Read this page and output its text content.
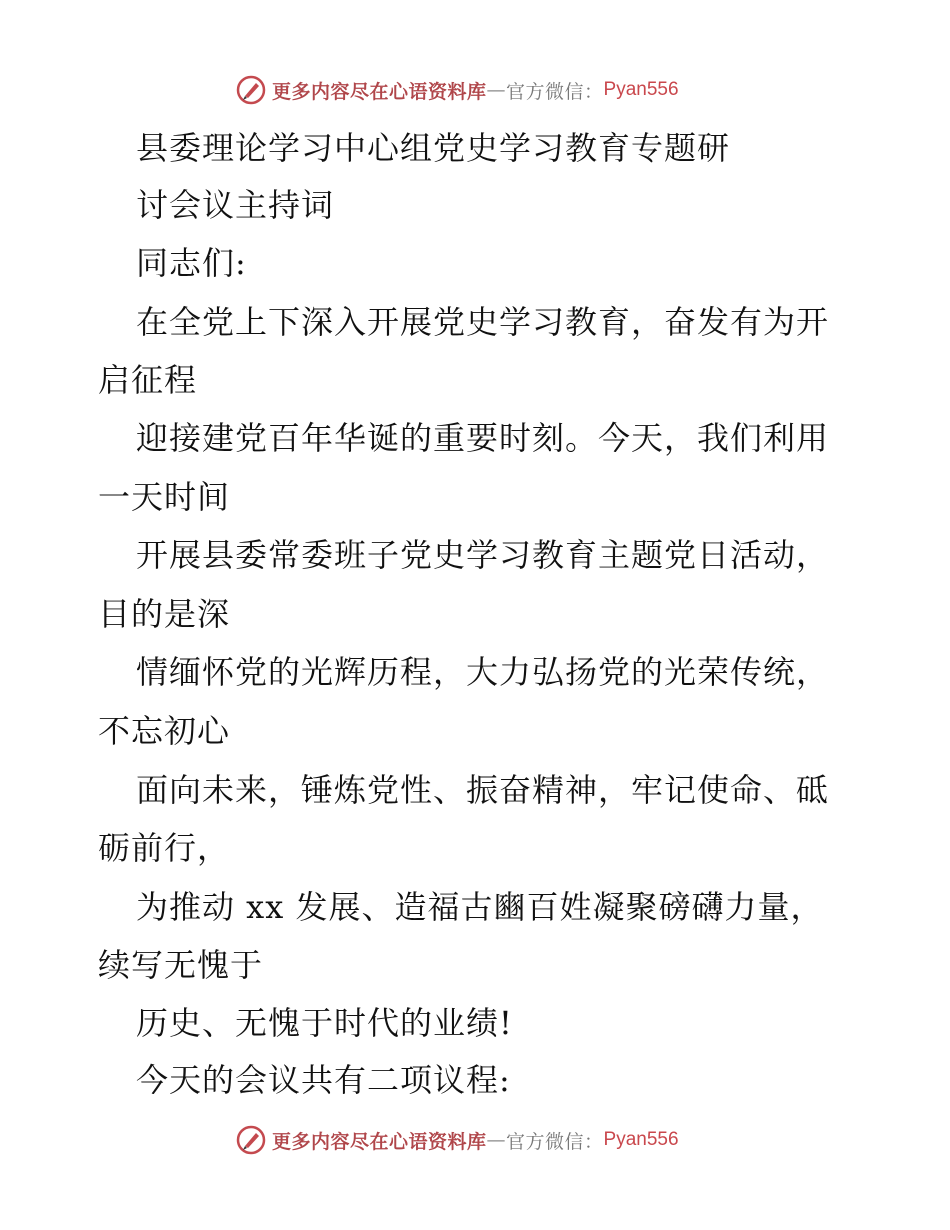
更多内容尽在心语资料库 — 官方微信： Pyan556
县委理论学习中心组党史学习教育专题研
讨会议主持词
同志们:
在全党上下深入开展党史学习教育，奋发有为开
启征程
迎接建党百年华诞的重要时刻。今天，我们利用
一天时间
开展县委常委班子党史学习教育主题党日活动，
目的是深
情缅怀党的光辉历程，大力弘扬党的光荣传统，
不忘初心
面向未来，锤炼党性、振奋精神，牢记使命、砥
砺前行，
为推动 xx 发展、造福古豳百姓凝聚磅礴力量，
续写无愧于
历史、无愧于时代的业绩!
今天的会议共有二项议程:
更多内容尽在心语资料库 — 官方微信： Pyan556
